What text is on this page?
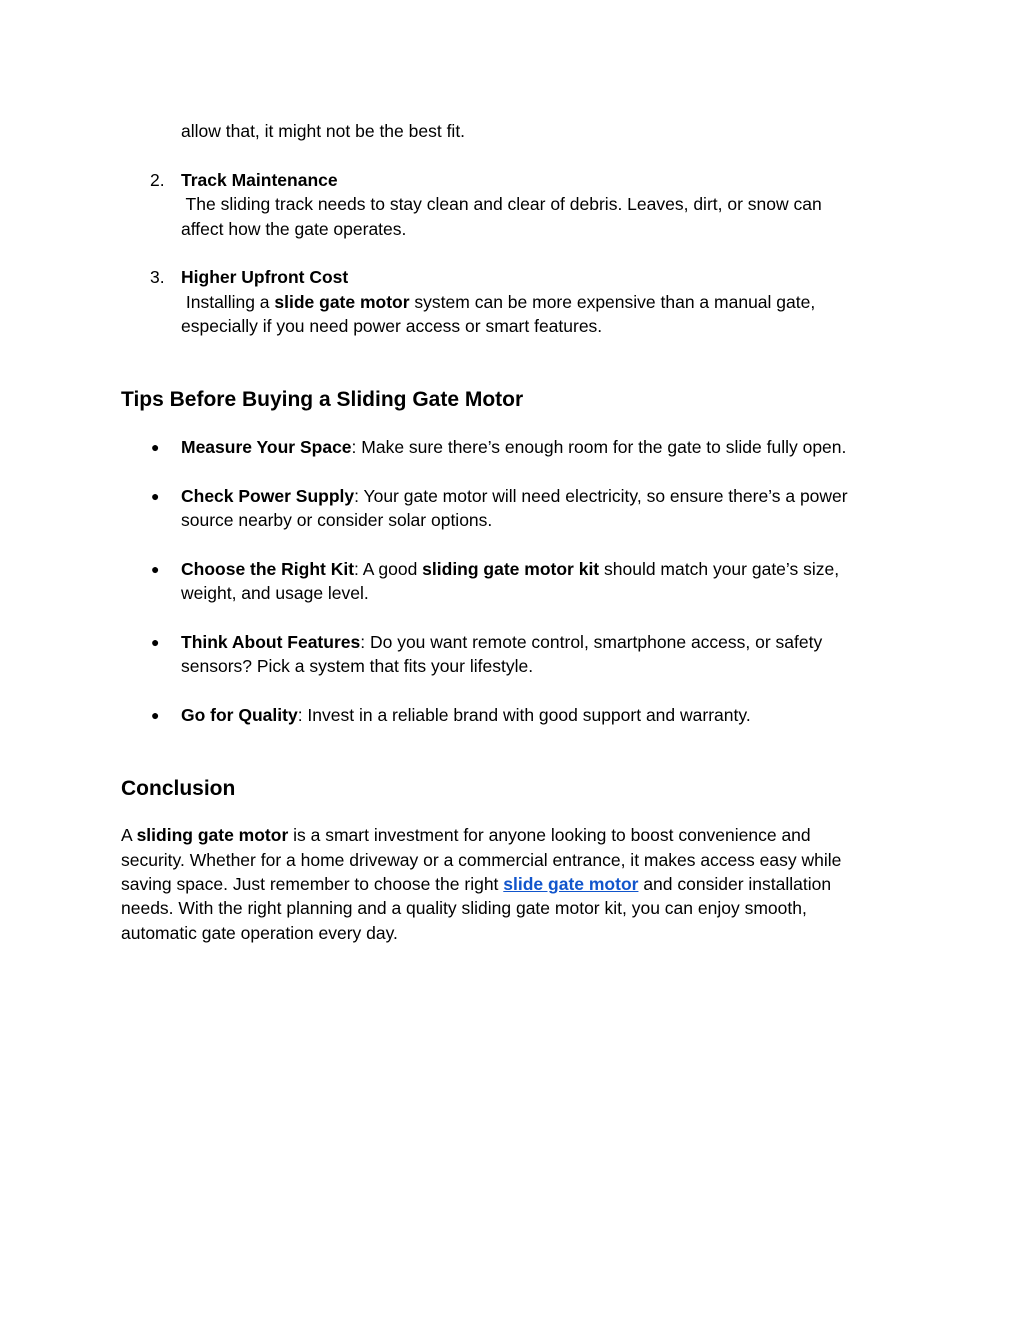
allow that, it might not be the best fit.
2. Track Maintenance
The sliding track needs to stay clean and clear of debris. Leaves, dirt, or snow can
affect how the gate operates.
3. Higher Upfront Cost
Installing a slide gate motor system can be more expensive than a manual gate,
especially if you need power access or smart features.
Tips Before Buying a Sliding Gate Motor
● Measure Your Space: Make sure there’s enough room for the gate to slide fully open.
● Check Power Supply: Your gate motor will need electricity, so ensure there’s a power
source nearby or consider solar options.
● Choose the Right Kit: A good sliding gate motor kit should match your gate’s size,
weight, and usage level.
● Think About Features: Do you want remote control, smartphone access, or safety
sensors? Pick a system that fits your lifestyle.
● Go for Quality: Invest in a reliable brand with good support and warranty.
Conclusion
A sliding gate motor is a smart investment for anyone looking to boost convenience and
security. Whether for a home driveway or a commercial entrance, it makes access easy while
saving space. Just remember to choose the right slide gate motor and consider installation
needs. With the right planning and a quality sliding gate motor kit, you can enjoy smooth,
automatic gate operation every day.
